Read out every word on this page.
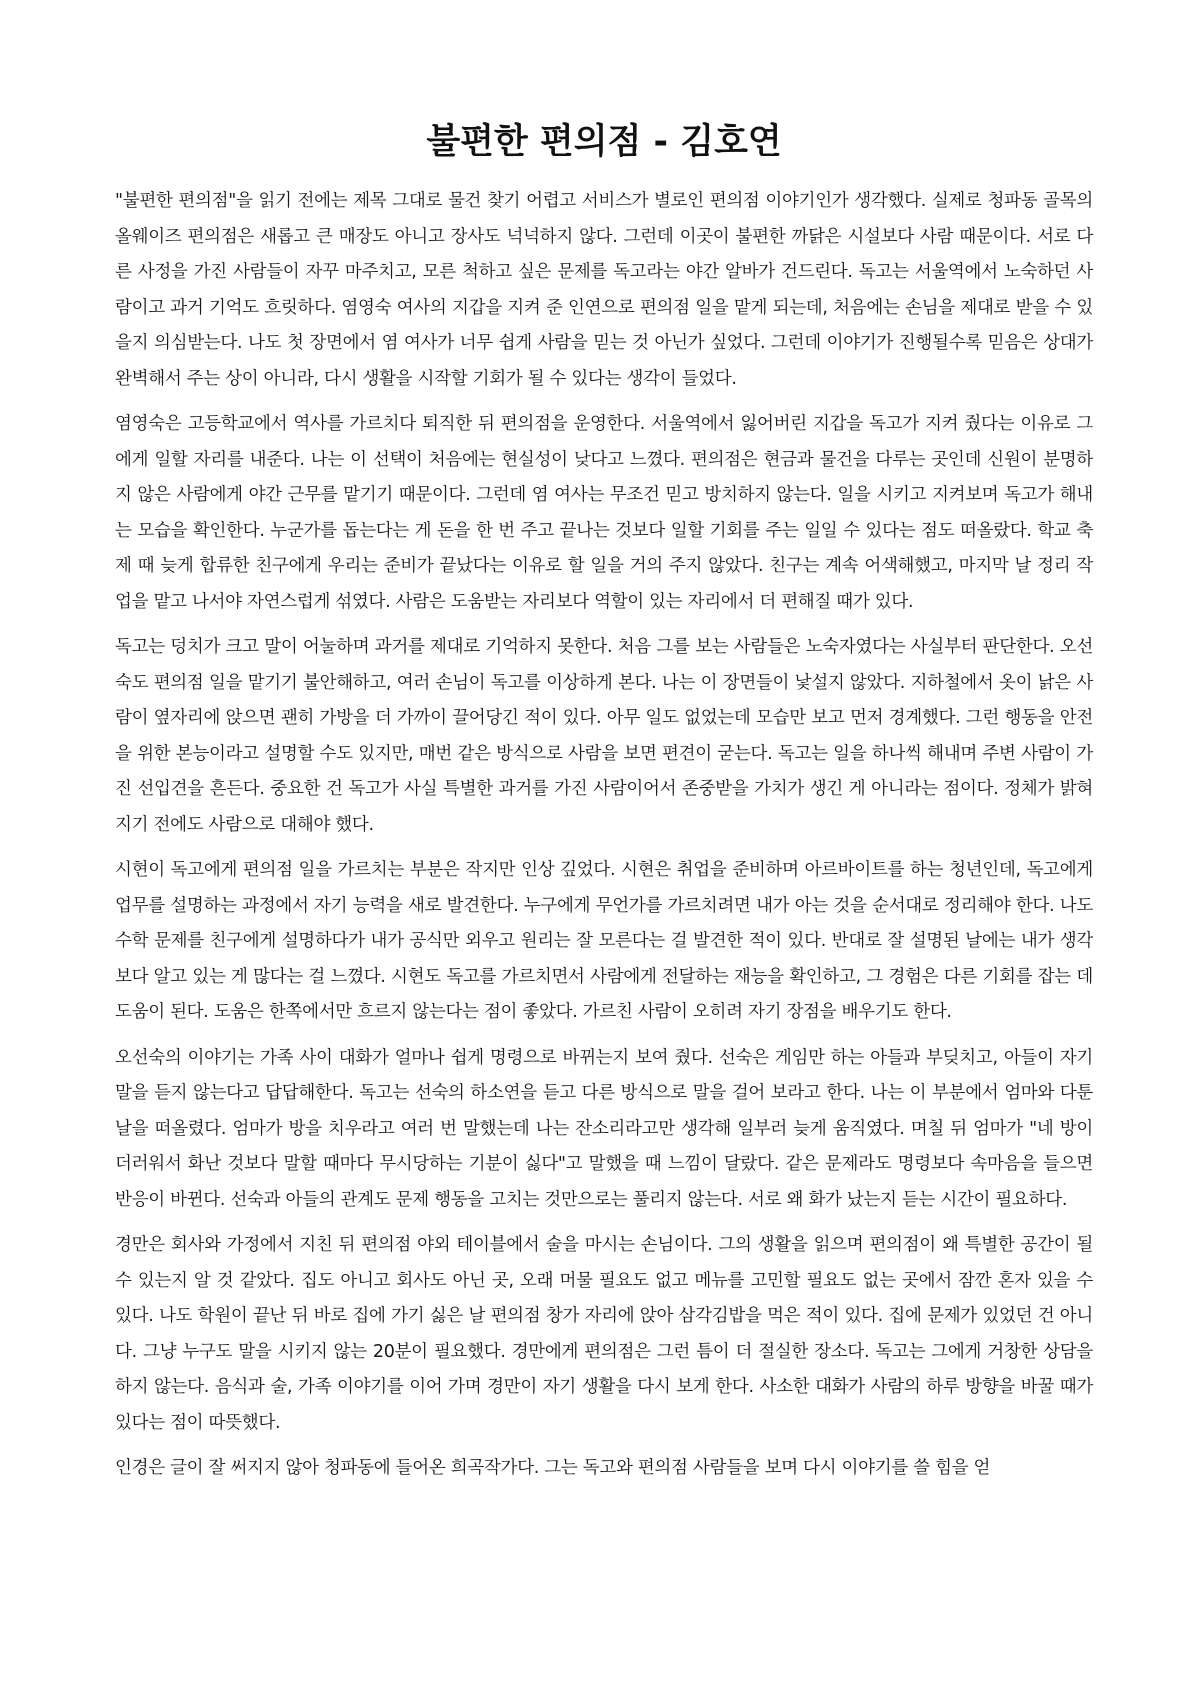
불편한 편의점 - 김호연

"불편한 편의점"을 읽기 전에는 제목 그대로 물건 찾기 어렵고 서비스가 별로인 편의점 이야기인가 생각했다. 실제로 청파동 골목의 올웨이즈 편의점은 새롭고 큰 매장도 아니고 장사도 넉넉하지 않다. 그런데 이곳이 불편한 까닭은 시설보다 사람 때문이다. 서로 다른 사정을 가진 사람들이 자꾸 마주치고, 모른 척하고 싶은 문제를 독고라는 야간 알바가 건드린다. 독고는 서울역에서 노숙하던 사람이고 과거 기억도 흐릿하다. 염영숙 여사의 지갑을 지켜 준 인연으로 편의점 일을 맡게 되는데, 처음에는 손님을 제대로 받을 수 있을지 의심받는다. 나도 첫 장면에서 염 여사가 너무 쉽게 사람을 믿는 것 아닌가 싶었다. 그런데 이야기가 진행될수록 믿음은 상대가 완벽해서 주는 상이 아니라, 다시 생활을 시작할 기회가 될 수 있다는 생각이 들었다.

염영숙은 고등학교에서 역사를 가르치다 퇴직한 뒤 편의점을 운영한다. 서울역에서 잃어버린 지갑을 독고가 지켜 줬다는 이유로 그에게 일할 자리를 내준다. 나는 이 선택이 처음에는 현실성이 낮다고 느꼈다. 편의점은 현금과 물건을 다루는 곳인데 신원이 분명하지 않은 사람에게 야간 근무를 맡기기 때문이다. 그런데 염 여사는 무조건 믿고 방치하지 않는다. 일을 시키고 지켜보며 독고가 해내는 모습을 확인한다. 누군가를 돕는다는 게 돈을 한 번 주고 끝나는 것보다 일할 기회를 주는 일일 수 있다는 점도 떠올랐다. 학교 축제 때 늦게 합류한 친구에게 우리는 준비가 끝났다는 이유로 할 일을 거의 주지 않았다. 친구는 계속 어색해했고, 마지막 날 정리 작업을 맡고 나서야 자연스럽게 섞였다. 사람은 도움받는 자리보다 역할이 있는 자리에서 더 편해질 때가 있다.

독고는 덩치가 크고 말이 어눌하며 과거를 제대로 기억하지 못한다. 처음 그를 보는 사람들은 노숙자였다는 사실부터 판단한다. 오선숙도 편의점 일을 맡기기 불안해하고, 여러 손님이 독고를 이상하게 본다. 나는 이 장면들이 낯설지 않았다. 지하철에서 옷이 낡은 사람이 옆자리에 앉으면 괜히 가방을 더 가까이 끌어당긴 적이 있다. 아무 일도 없었는데 모습만 보고 먼저 경계했다. 그런 행동을 안전을 위한 본능이라고 설명할 수도 있지만, 매번 같은 방식으로 사람을 보면 편견이 굳는다. 독고는 일을 하나씩 해내며 주변 사람이 가진 선입견을 흔든다. 중요한 건 독고가 사실 특별한 과거를 가진 사람이어서 존중받을 가치가 생긴 게 아니라는 점이다. 정체가 밝혀지기 전에도 사람으로 대해야 했다.

시현이 독고에게 편의점 일을 가르치는 부분은 작지만 인상 깊었다. 시현은 취업을 준비하며 아르바이트를 하는 청년인데, 독고에게 업무를 설명하는 과정에서 자기 능력을 새로 발견한다. 누구에게 무언가를 가르치려면 내가 아는 것을 순서대로 정리해야 한다. 나도 수학 문제를 친구에게 설명하다가 내가 공식만 외우고 원리는 잘 모른다는 걸 발견한 적이 있다. 반대로 잘 설명된 날에는 내가 생각보다 알고 있는 게 많다는 걸 느꼈다. 시현도 독고를 가르치면서 사람에게 전달하는 재능을 확인하고, 그 경험은 다른 기회를 잡는 데 도움이 된다. 도움은 한쪽에서만 흐르지 않는다는 점이 좋았다. 가르친 사람이 오히려 자기 장점을 배우기도 한다.

오선숙의 이야기는 가족 사이 대화가 얼마나 쉽게 명령으로 바뀌는지 보여 줬다. 선숙은 게임만 하는 아들과 부딪치고, 아들이 자기 말을 듣지 않는다고 답답해한다. 독고는 선숙의 하소연을 듣고 다른 방식으로 말을 걸어 보라고 한다. 나는 이 부분에서 엄마와 다툰 날을 떠올렸다. 엄마가 방을 치우라고 여러 번 말했는데 나는 잔소리라고만 생각해 일부러 늦게 움직였다. 며칠 뒤 엄마가 "네 방이 더러워서 화난 것보다 말할 때마다 무시당하는 기분이 싫다"고 말했을 때 느낌이 달랐다. 같은 문제라도 명령보다 속마음을 들으면 반응이 바뀐다. 선숙과 아들의 관계도 문제 행동을 고치는 것만으로는 풀리지 않는다. 서로 왜 화가 났는지 듣는 시간이 필요하다.

경만은 회사와 가정에서 지친 뒤 편의점 야외 테이블에서 술을 마시는 손님이다. 그의 생활을 읽으며 편의점이 왜 특별한 공간이 될 수 있는지 알 것 같았다. 집도 아니고 회사도 아닌 곳, 오래 머물 필요도 없고 메뉴를 고민할 필요도 없는 곳에서 잠깐 혼자 있을 수 있다. 나도 학원이 끝난 뒤 바로 집에 가기 싫은 날 편의점 창가 자리에 앉아 삼각김밥을 먹은 적이 있다. 집에 문제가 있었던 건 아니다. 그냥 누구도 말을 시키지 않는 20분이 필요했다. 경만에게 편의점은 그런 틈이 더 절실한 장소다. 독고는 그에게 거창한 상담을 하지 않는다. 음식과 술, 가족 이야기를 이어 가며 경만이 자기 생활을 다시 보게 한다. 사소한 대화가 사람의 하루 방향을 바꿀 때가 있다는 점이 따뜻했다.

인경은 글이 잘 써지지 않아 청파동에 들어온 희곡작가다. 그는 독고와 편의점 사람들을 보며 다시 이야기를 쓸 힘을 얻
